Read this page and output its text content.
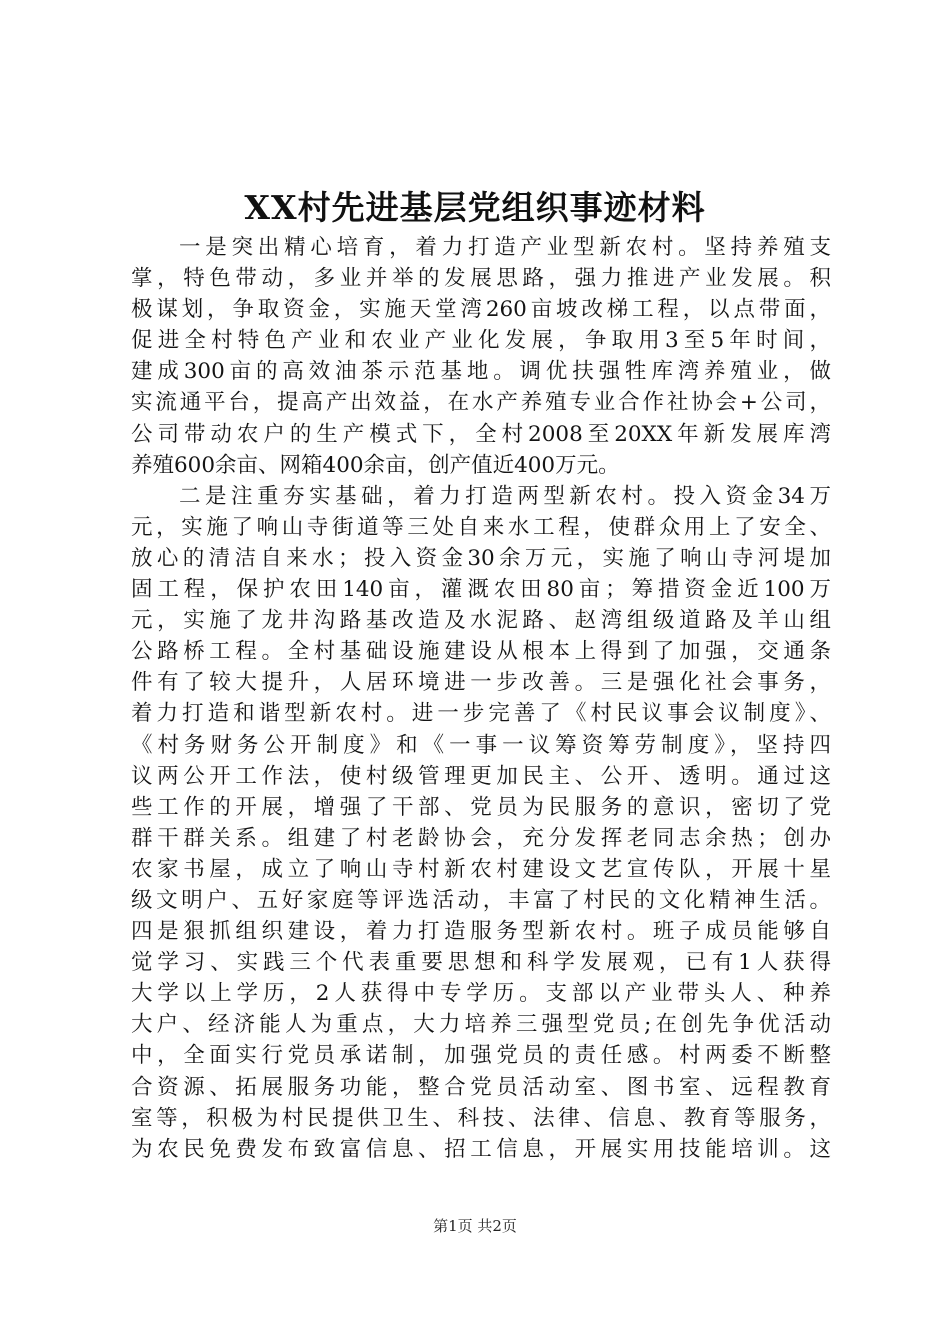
XX村先进基层党组织事迹材料
一是突出精心培育，着力打造产业型新农村。坚持养殖支
掌，特色带动，多业并举的发展思路，强力推进产业发展。积
极谋划，争取资金，实施天堂湾260亩坡改梯工程，以点带面，
促进全村特色产业和农业产业化发展，争取用3至5年时间，
建成300亩的高效油茶示范基地。调优扶强牲库湾养殖业，做
实流通平台，提高产出效益，在水产养殖专业合作社协会+公司，
公司带动农户的生产模式下，全村2008至20XX年新发展库湾
养殖600余亩、网箱400余亩，创产值近400万元。
二是注重夯实基础，着力打造两型新农村。投入资金34万
元，实施了响山寺街道等三处自来水工程，使群众用上了安全、
放心的清洁自来水；投入资金30余万元，实施了响山寺河堤加
固工程，保护农田140亩，灌溉农田80亩；筹措资金近100万
元，实施了龙井沟路基改造及水泥路、赵湾组级道路及羊山组
公路桥工程。全村基础设施建设从根本上得到了加强，交通条
件有了较大提升，人居环境进一步改善。三是强化社会事务，
着力打造和谐型新农村。进一步完善了《村民议事会议制度》、
《村务财务公开制度》和《一事一议筹资筹劳制度》，坚持四
议两公开工作法，使村级管理更加民主、公开、透明。通过这
些工作的开展，增强了干部、党员为民服务的意识，密切了党
群干群关系。组建了村老龄协会，充分发挥老同志余热；创办
农家书屋，成立了响山寺村新农村建设文艺宣传队，开展十星
级文明户、五好家庭等评选活动，丰富了村民的文化精神生活。
四是狠抓组织建设，着力打造服务型新农村。班子成员能够自
觉学习、实践三个代表重要思想和科学发展观，已有1人获得
大学以上学历，2人获得中专学历。支部以产业带头人、种养
大户、经济能人为重点，大力培养三强型党员;在创先争优活动
中，全面实行党员承诺制，加强党员的责任感。村两委不断整
合资源、拓展服务功能，整合党员活动室、图书室、远程教育
室等，积极为村民提供卫生、科技、法律、信息、教育等服务，
为农民免费发布致富信息、招工信息，开展实用技能培训。这
第1页 共2页
